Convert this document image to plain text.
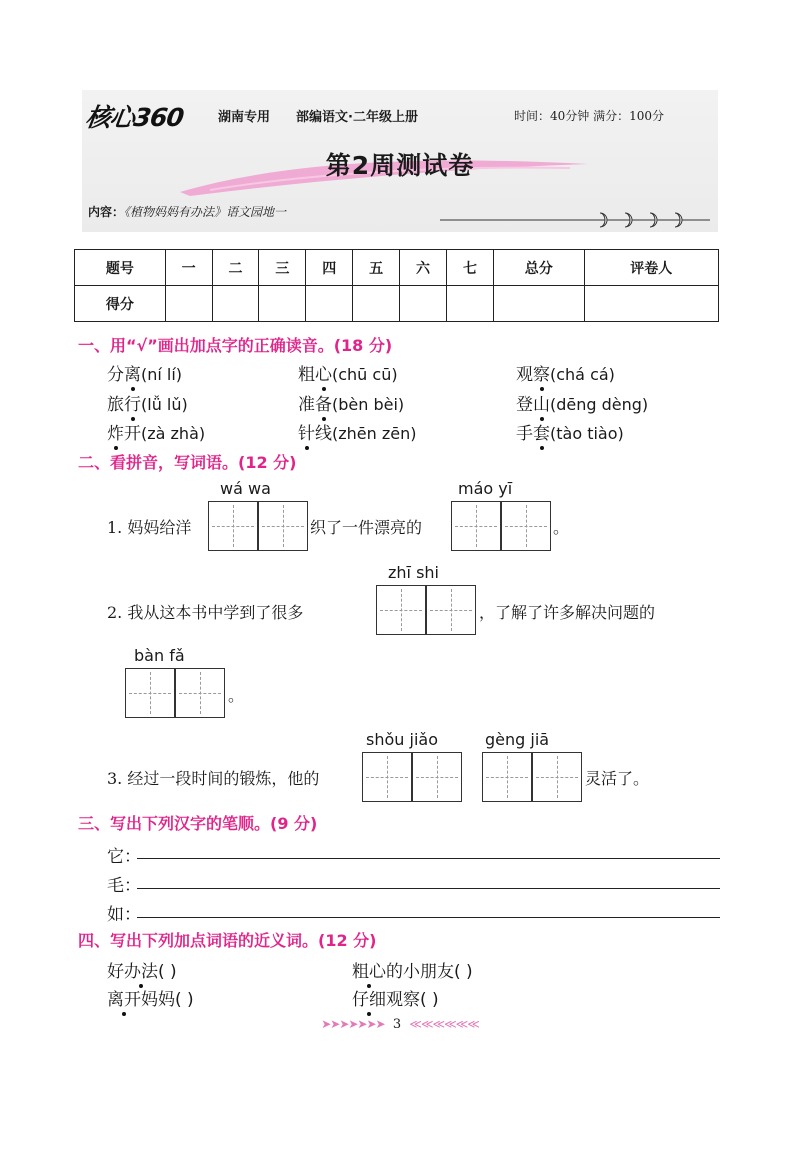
核心360	湖南专用 部编语文·二年级上册	时间：40分钟 满分：100分
第2周测试卷
内容：《植物妈妈有办法》语文园地一
题号	一	二	三	四	五	六	七	总分	评卷人
得分									
一、用“√”画出加点字的正确读音。(18 分)
分离(ní lí)	粗心(chū cū)	观察(chá cá)
旅行(lǚ lǔ)	准备(bèn bèi)	登山(dēng dèng)
炸开(zà zhà)	针线(zhēn zēn)	手套(tào tiào)
二、看拼音，写词语。(12 分)
wá wa	máo yī
1. 妈妈给洋	织了一件漂亮的	。
zhī shi
2. 我从这本书中学到了很多	，了解了许多解决问题的
bàn fǎ
。
shǒu jiǎo	gèng jiā
3. 经过一段时间的锻炼，他的	灵活了。
三、写出下列汉字的笔顺。(9 分)
它：
毛：
如：
四、写出下列加点词语的近义词。(12 分)
好办法( )	粗心的小朋友( )
离开妈妈( )	仔细观察( )
➤➤➤➤➤➤➤ 3 ≪≪≪≪≪≪
